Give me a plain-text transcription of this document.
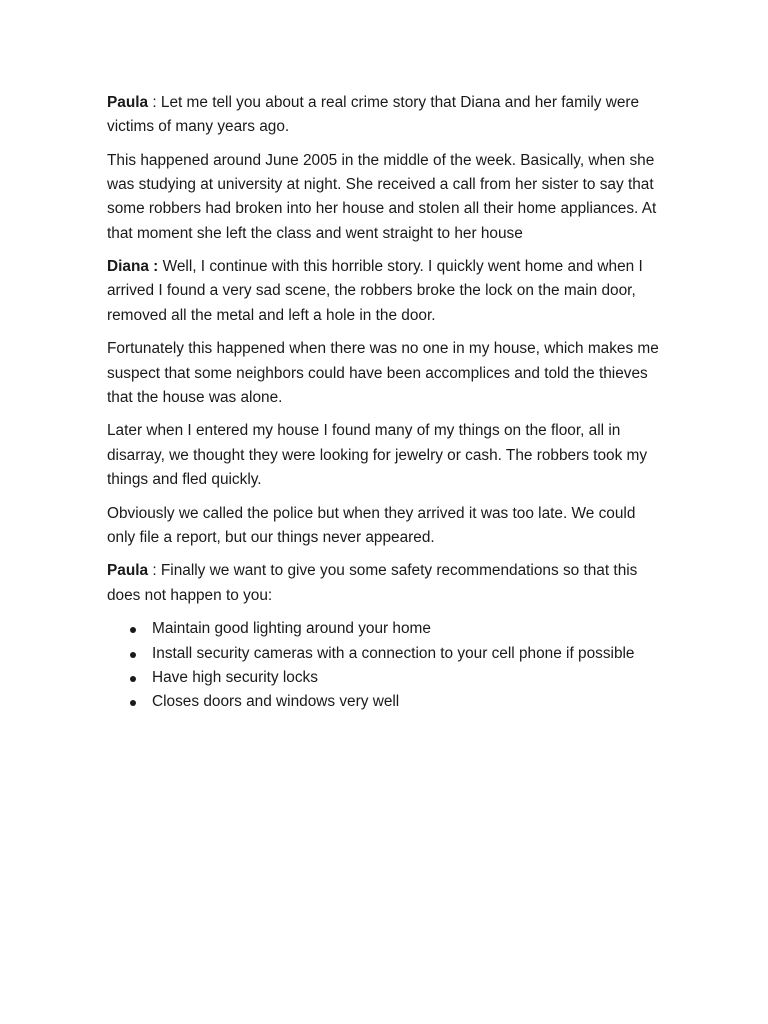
Paula : Let me tell you about a real crime story that Diana and her family were victims of many years ago.

This happened around June 2005 in the middle of the week. Basically, when she was studying at university at night. She received a call from her sister to say that some robbers had broken into her house and stolen all their home appliances. At that moment she left the class and went straight to her house

Diana : Well, I continue with this horrible story. I quickly went home and when I arrived I found a very sad scene, the robbers broke the lock on the main door, removed all the metal and left a hole in the door.

Fortunately this happened when there was no one in my house, which makes me suspect that some neighbors could have been accomplices and told the thieves that the house was alone.

Later when I entered my house I found many of my things on the floor, all in disarray, we thought they were looking for jewelry or cash. The robbers took my things and fled quickly.

Obviously we called the police but when they arrived it was too late. We could only file a report, but our things never appeared.

Paula : Finally we want to give you some safety recommendations so that this does not happen to you:

Maintain good lighting around your home
Install security cameras with a connection to your cell phone if possible
Have high security locks
Closes doors and windows very well
